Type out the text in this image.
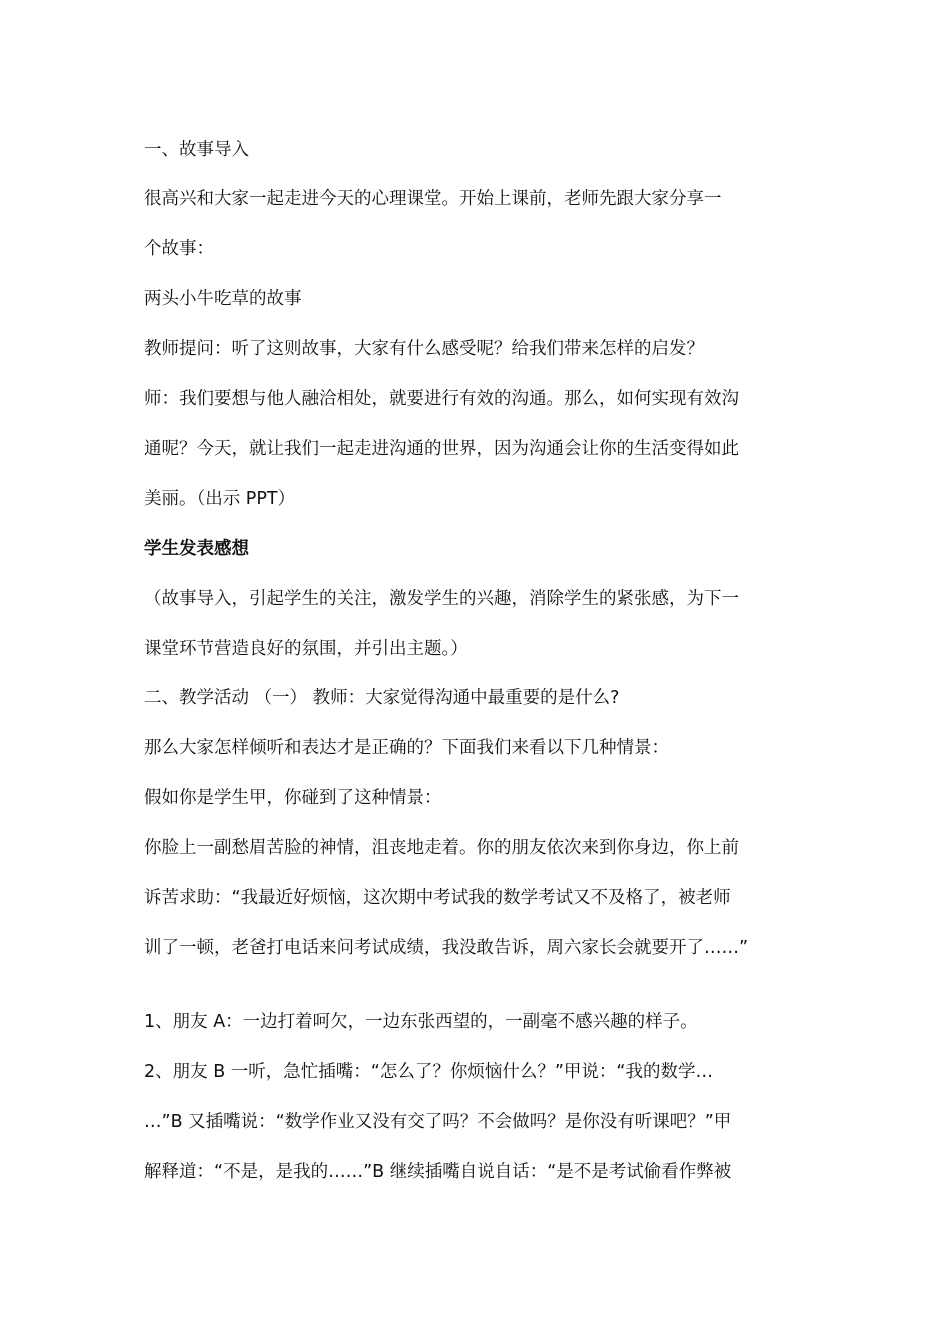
一、故事导入
很高兴和大家一起走进今天的心理课堂。开始上课前，老师先跟大家分享一
个故事：
两头小牛吃草的故事
教师提问：听了这则故事，大家有什么感受呢？给我们带来怎样的启发？
师：我们要想与他人融洽相处，就要进行有效的沟通。那么，如何实现有效沟
通呢？今天，就让我们一起走进沟通的世界，因为沟通会让你的生活变得如此
美丽。（出示 PPT）
学生发表感想
（故事导入，引起学生的关注，激发学生的兴趣，消除学生的紧张感，为下一
课堂环节营造良好的氛围，并引出主题。）
二、教学活动 （一） 教师：大家觉得沟通中最重要的是什么?
那么大家怎样倾听和表达才是正确的？下面我们来看以下几种情景：
假如你是学生甲，你碰到了这种情景：
你脸上一副愁眉苦脸的神情，沮丧地走着。你的朋友依次来到你身边，你上前
诉苦求助：“我最近好烦恼，这次期中考试我的数学考试又不及格了，被老师
训了一顿，老爸打电话来问考试成绩，我没敢告诉，周六家长会就要开了……”
1、朋友 A：一边打着呵欠，一边东张西望的，一副毫不感兴趣的样子。
2、朋友 B 一听，急忙插嘴：“怎么了？你烦恼什么？”甲说：“我的数学…
…”B 又插嘴说：“数学作业又没有交了吗？不会做吗？是你没有听课吧？”甲
解释道：“不是，是我的……”B 继续插嘴自说自话：“是不是考试偷看作弊被
